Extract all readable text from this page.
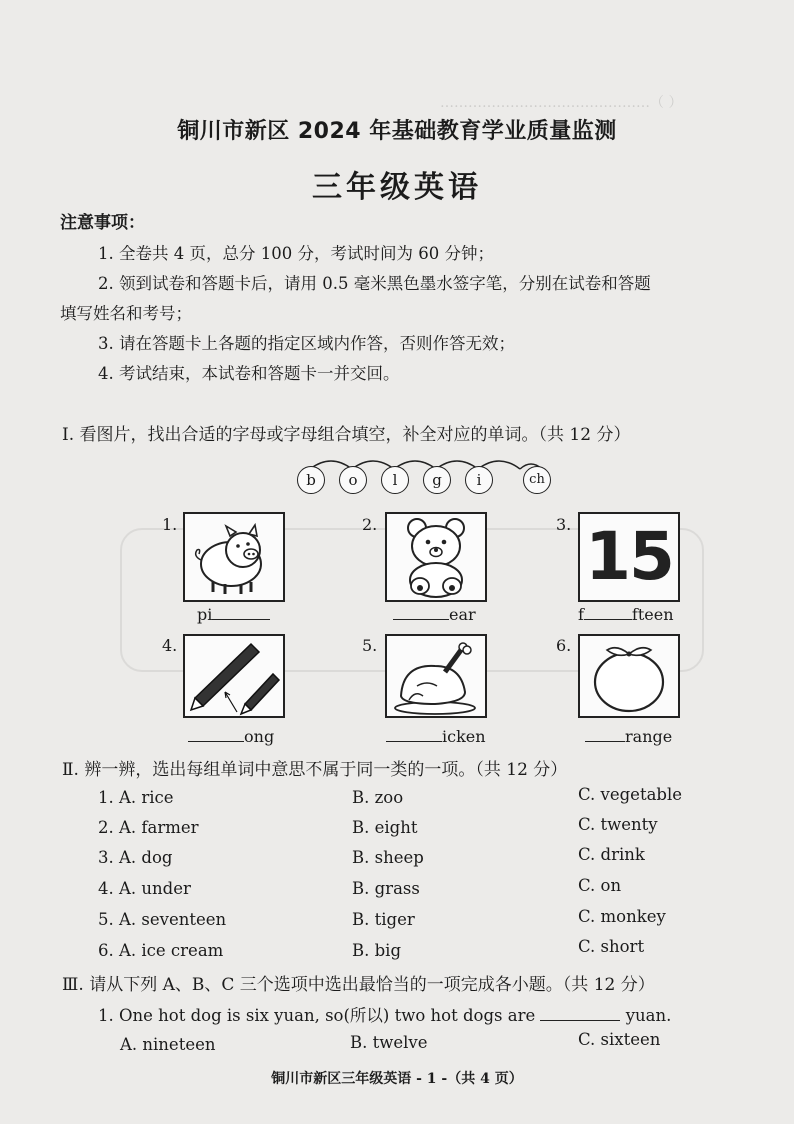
………………………………………（ ）
铜川市新区 2024 年基础教育学业质量监测
三年级英语
注意事项：
1. 全卷共 4 页，总分 100 分，考试时间为 60 分钟；
2. 领到试卷和答题卡后，请用 0.5 毫米黑色墨水签字笔，分别在试卷和答题
填写姓名和考号；
3. 请在答题卡上各题的指定区域内作答，否则作答无效；
4. 考试结束，本试卷和答题卡一并交回。
Ⅰ. 看图片，找出合适的字母或字母组合填空，补全对应的单词。（共 12 分）
b	o	l	g	i	ch
1.	2.	3. 15
pi	ear	f	fteen
4.	5.	6.
ong	icken	range
Ⅱ. 辨一辨，选出每组单词中意思不属于同一类的一项。（共 12 分）
1. A. rice	B. zoo	C. vegetable
2. A. farmer	B. eight	C. twenty
3. A. dog	B. sheep	C. drink
4. A. under	B. grass	C. on
5. A. seventeen	B. tiger	C. monkey
6. A. ice cream	B. big	C. short
Ⅲ. 请从下列 A、B、C 三个选项中选出最恰当的一项完成各小题。（共 12 分）
1. One hot dog is six yuan, so(所以) two hot dogs are	yuan.
A. nineteen	B. twelve	C. sixteen
铜川市新区三年级英语 - 1 -（共 4 页）
